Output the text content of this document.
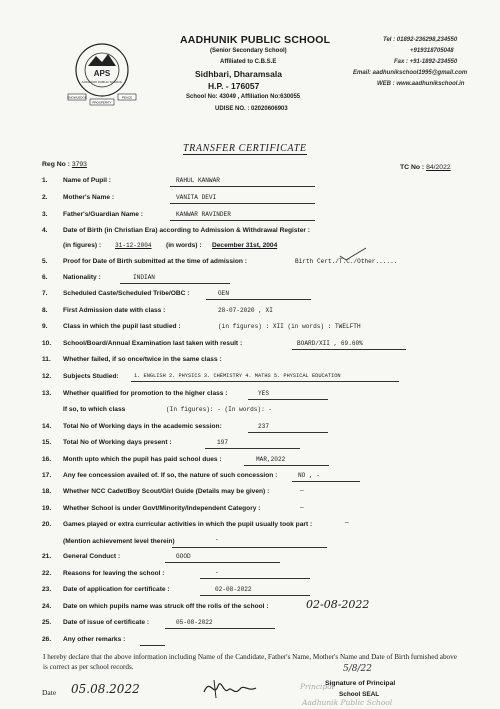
APS
AADHUNIK PUBLIC SCHOOL
KNOWLEDGE	PEACE
PROSPERITY
AADHUNIK PUBLIC SCHOOL
(Senior Secondary School)
Affiliated to C.B.S.E
Sidhbari, Dharamsala
H.P. - 176057
School No: 43049 , Affiliation No:630055
UDISE NO. : 02020606903
Tel : 01892-236298,234550
+919318705048
Fax : +91-1892-234550
Email: aadhunikschool1995@gmail.com
WEB : www.aadhunikschool.in
TRANSFER CERTIFICATE
Reg No : 3793	TC No : 84/2022
1. Name of Pupil :	RAHUL KANWAR
2. Mother's Name :	VANITA DEVI
3. Father's/Guardian Name :	KANWAR RAVINDER
4. Date of Birth (in Christian Era) according to Admission & Withdrawal Register :
(in figures) : 31-12-2004 (in words) : December 31st, 2004
5. Proof for Date of Birth submitted at the time of admission :	Birth Cert./T.C./Other......
6. Nationality :	INDIAN
7. Scheduled Caste/Scheduled Tribe/OBC :	GEN
8. First Admission date with class :	28-07-2020 , XI
9. Class in which the pupil last studied :	(in figures) : XII (in words) : TWELFTH
10. School/Board/Annual Examination last taken with result :	BOARD/XII , 69.60%
11. Whether failed, if so once/twice in the same class :
12. Subjects Studied:	1. ENGLISH 2. PHYSICS 3. CHEMISTRY 4. MATHS 5. PHYSICAL EDUCATION
13. Whether qualified for promotion to the higher class :	YES
If so, to which class	(In figures): - (In words): -
14. Total No of Working days in the academic session:	237
15. Total No of Working days present :	197
16. Month upto which the pupil has paid school dues :	MAR,2022
17. Any fee concession availed of. If so, the nature of such concession :	NO , -
18. Whether NCC Cadet/Boy Scout/Girl Guide (Details may be given) :	—
19. Whether School is under Govt/Minority/Independent Category :	—
20. Games played or extra curricular activities in which the pupil usually took part :	—
(Mention achievement level therein)	-
21. General Conduct :	GOOD
22. Reasons for leaving the school :	-
23. Date of application for certificate :	02-08-2022
24. Date on which pupils name was struck off the rolls of the school :	02-08-2022
25. Date of issue of certificate :	05-08-2022
26. Any other remarks :
I hereby declare that the above information including Name of the Candidate, Father's Name, Mother's Name and Date of Birth furnished above is correct as per school records.
Date 05.08.2022
5/8/22
Signature of Principal
School SEAL
Principal
Aadhunik Public School
